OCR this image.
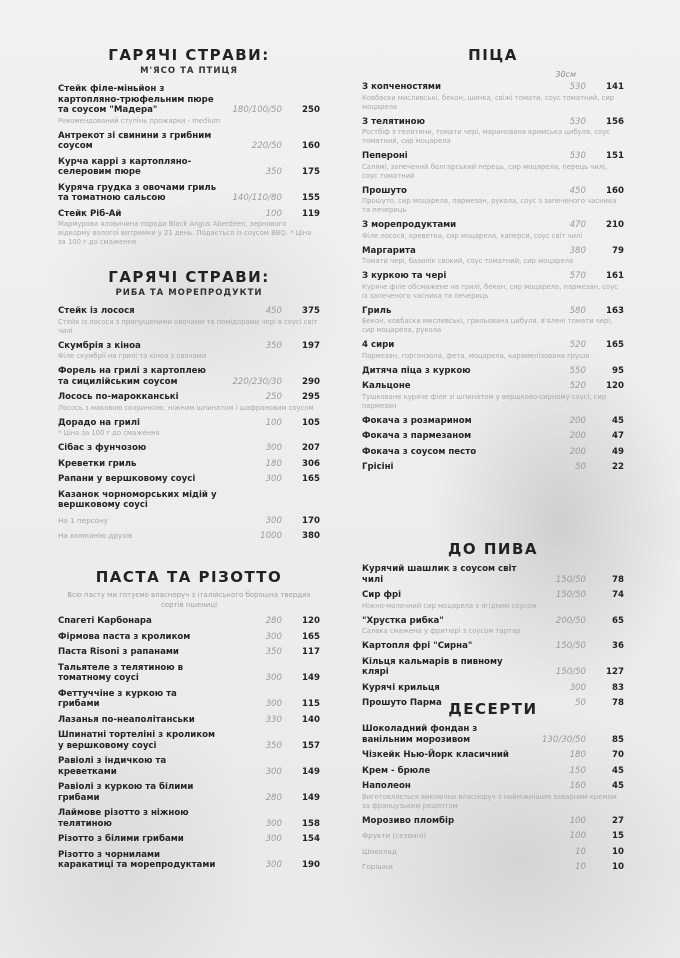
ГАРЯЧІ СТРАВИ:
М'ЯСО ТА ПТИЦЯ
Стейк філе-міньйон з картопляно-трюфельним пюре та соусом "Мадера"	180/100/50	250
Рекомендований ступінь прожарки - medium
Антрекот зі свинини з грибним соусом	220/50	160
Курча каррі з картопляно-селеровим пюре	350	175
Куряча грудка з овочами гриль та томатною сальсою	140/110/80	155
Стейк Ріб-Ай	100	119
Мармурова яловичина породи Black Angus Aberdeen, зернового відкорму вологої витримки у 21 день. Подається із соусом BBQ. * Ціна за 100 г до смаження
ГАРЯЧІ СТРАВИ:
РИБА ТА МОРЕПРОДУКТИ
Стейк із лосося	450	375
Стейк із лосося з припущеними овочами та помідорами чері в соусі світ чилі
Скумбрія з кіноа	350	197
Філе скумбрії на грилі та кіноа з овочами
Форель на грилі з картоплею та сицилійським соусом	220/230/30	290
Лосось по-марокканські	250	295
Лосось з маковою скоринкою, ніжним шпинатом і шафрановим соусом
Дорадо на грилі	100	105
* Ціна за 100 г до смаження
Сібас з фунчозою	300	207
Креветки гриль	180	306
Рапани у вершковому соусі	300	165
Казанок чорноморських мідій у вершковому соусі
На 1 персону	300	170
На компанію друзів	1000	380
ПАСТА ТА РІЗОТТО
Всю пасту ми готуємо власноруч з італійського борошна твердих сортів пшениці
Спагеті Карбонара	280	120
Фірмова паста з кроликом	300	165
Паста Risoni з рапанами	350	117
Тальятеле з телятиною в томатному соусі	300	149
Феттуччіне з куркою та грибами	300	115
Лазанья по-неаполітанськи	330	140
Шпинатні тортеліні з кроликом у вершковому соусі	350	157
Равіолі з індичкою та креветками	300	149
Равіолі з куркою та білими грибами	280	149
Лаймове різотто з ніжною телятиною	300	158
Різотто з білими грибами	300	154
Різотто з чорнилами каракатиці та морепродуктами	300	190
ПІЦА
30см
З копченостями	530	141
Ковбаски мисливські, бекон, шинка, свіжі томати, соус томатний, сир моцарела
З телятиною	530	156
Ростбіф з телятини, томати чері, маринована кримська цибуля, соус томатний, сир моцарела
Пепероні	530	151
Салямі, запечений болгарський перець, сир моцарела, перець чилі, соус томатний
Прошуто	450	160
Прошуто, сир моцарела, пармезан, рукола, соус з запеченого часника та печериць
З морепродуктами	470	210
Філе лосося, креветка, сир моцарела, каперси, соус світ чилі
Маргарита	380	79
Томати чері, базилік свіжий, соус томатний, сир моцарела
З куркою та чері	570	161
Куряче філе обсмажене на грилі, бекон, сир моцарела, пармезан, соус із запеченого часника та печериць
Гриль	580	163
Бекон, ковбаски мисливські, грильована цибуля, в'ялені томати чері, сир моцарела, рукола
4 сири	520	165
Пармезан, горгонзола, фета, моцарела, карамелізована груша
Дитяча піца з куркою	550	95
Кальцоне	520	120
Тушковане куряче філе зі шпинатом у вершково-сирному соусі, сир пармезан
Фокача з розмарином	200	45
Фокача з пармезаном	200	47
Фокача з соусом песто	200	49
Грісіні	50	22
ДО ПИВА
Курячий шашлик з соусом світ чилі	150/50	78
Сир фрі	150/50	74
Ніжно-молочний сир моцарела з ягідним соусом
"Хрустка рибка"	200/50	65
Салака смажена у фритюрі з соусом тартар
Картопля фрі "Сирна"	150/50	36
Кільця кальмарів в пивному клярі	150/50	127
Курячі крильця	300	83
Прошуто Парма	50	78
ДЕСЕРТИ
Шоколадний фондан з ванільним морозивом	130/30/50	85
Чізкейк Нью-Йорк класичний	180	70
Крем - брюле	150	45
Наполеон	160	45
Виготовляється виключно власноруч з найніжнішим заварним кремом за французьким рецептом
Морозиво пломбір	100	27
Фрукти (сезонні)	100	15
Шоколад	10	10
Горішки	10	10
